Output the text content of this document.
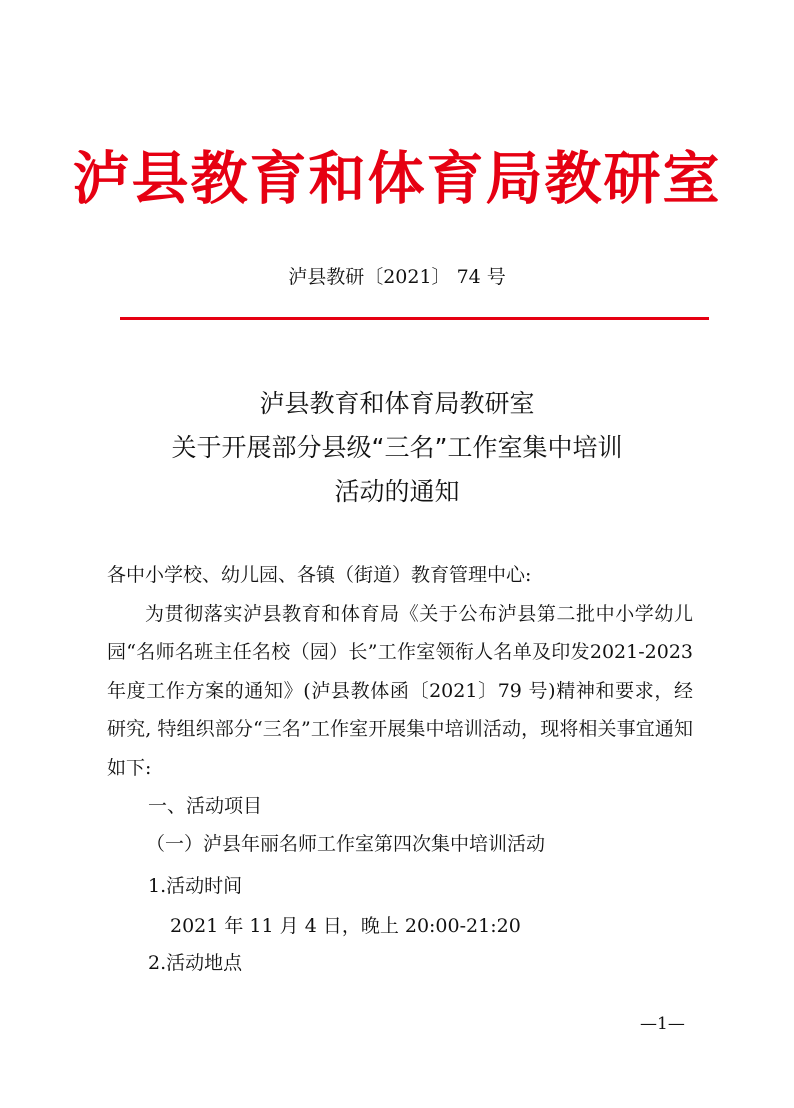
泸县教育和体育局教研室
泸县教研〔2021〕 74 号
泸县教育和体育局教研室
关于开展部分县级“三名”工作室集中培训
活动的通知

各中小学校、幼儿园、各镇（街道）教育管理中心:

为贯彻落实泸县教育和体育局《关于公布泸县第二批中小学幼儿园“名师名班主任名校（园）长”工作室领衔人名单及印发2021-2023 年度工作方案的通知》(泸县教体函〔2021〕79 号)精神和要求，经研究, 特组织部分“三名”工作室开展集中培训活动，现将相关事宜通知如下:

一、活动项目
（一）泸县年丽名师工作室第四次集中培训活动
1.活动时间
2021 年 11 月 4 日，晚上 20:00-21:20
2.活动地点
—1—
